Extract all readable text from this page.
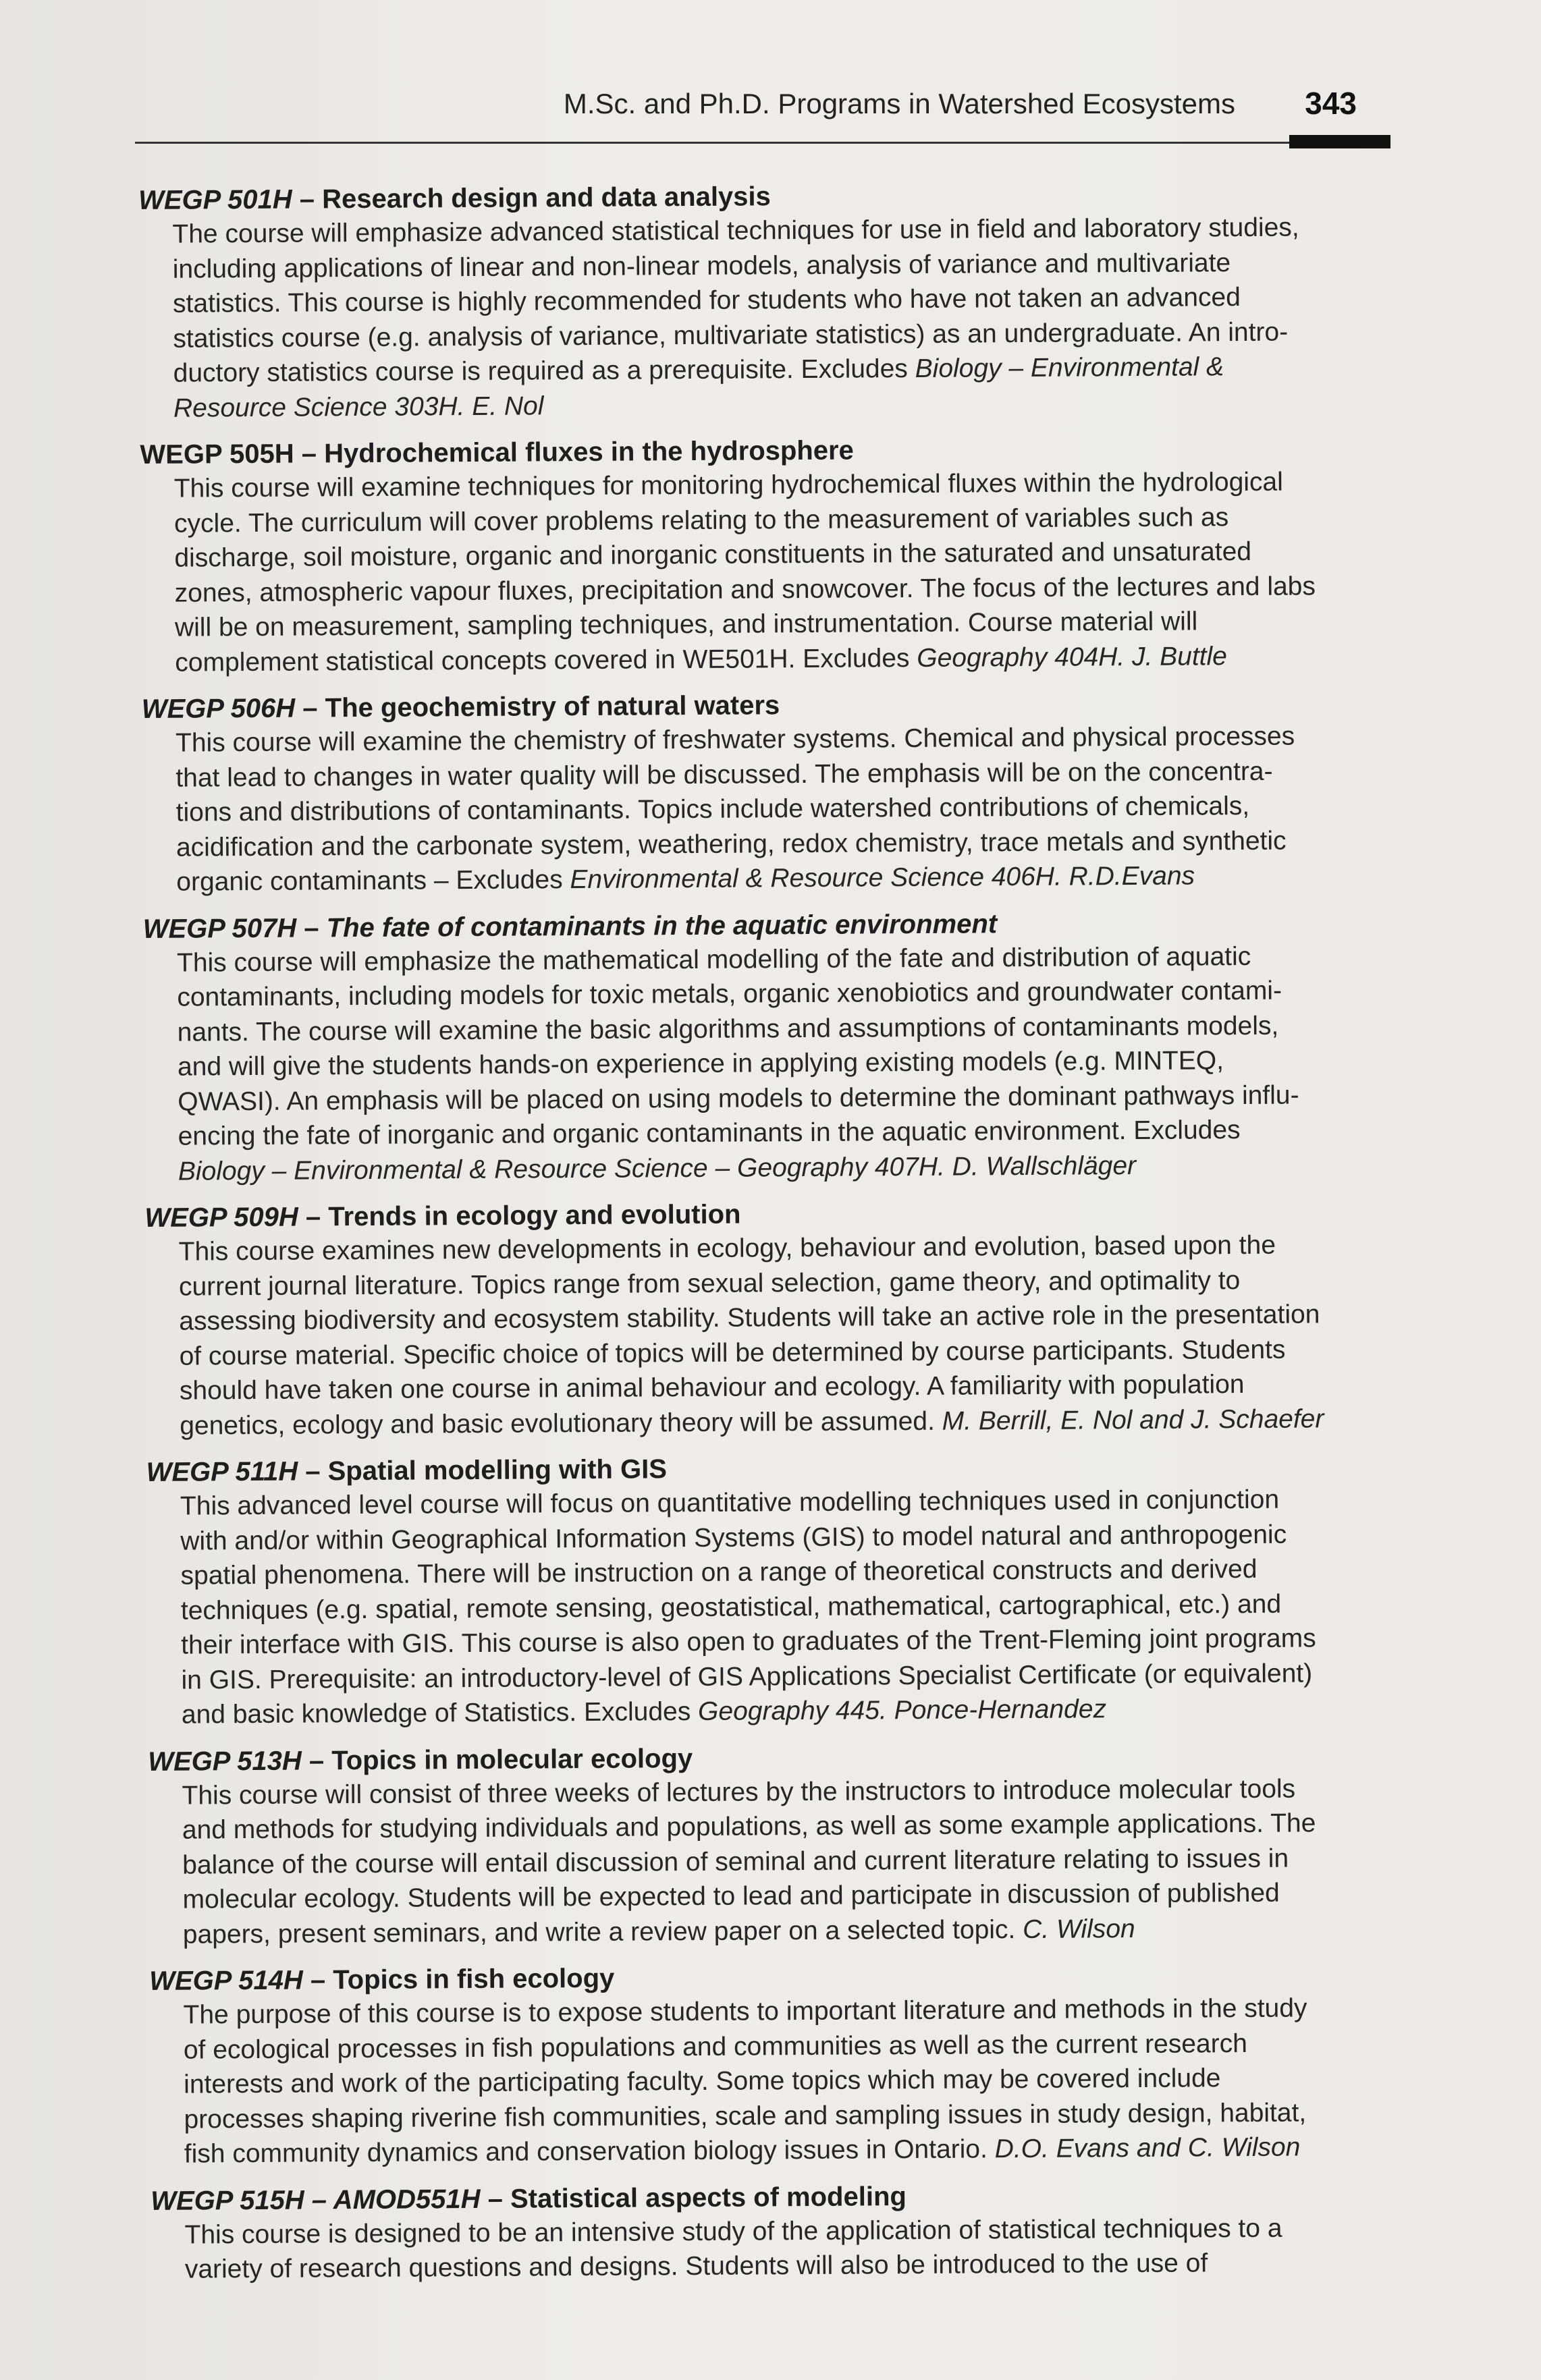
M.Sc. and Ph.D. Programs in Watershed Ecosystems 343
WEGP 501H – Research design and data analysis
The course will emphasize advanced statistical techniques for use in field and laboratory studies,
including applications of linear and non-linear models, analysis of variance and multivariate
statistics. This course is highly recommended for students who have not taken an advanced
statistics course (e.g. analysis of variance, multivariate statistics) as an undergraduate. An intro-
ductory statistics course is required as a prerequisite. Excludes Biology – Environmental &
Resource Science 303H. E. Nol
WEGP 505H – Hydrochemical fluxes in the hydrosphere
This course will examine techniques for monitoring hydrochemical fluxes within the hydrological
cycle. The curriculum will cover problems relating to the measurement of variables such as
discharge, soil moisture, organic and inorganic constituents in the saturated and unsaturated
zones, atmospheric vapour fluxes, precipitation and snowcover. The focus of the lectures and labs
will be on measurement, sampling techniques, and instrumentation. Course material will
complement statistical concepts covered in WE501H. Excludes Geography 404H. J. Buttle
WEGP 506H – The geochemistry of natural waters
This course will examine the chemistry of freshwater systems. Chemical and physical processes
that lead to changes in water quality will be discussed. The emphasis will be on the concentra-
tions and distributions of contaminants. Topics include watershed contributions of chemicals,
acidification and the carbonate system, weathering, redox chemistry, trace metals and synthetic
organic contaminants – Excludes Environmental & Resource Science 406H. R.D.Evans
WEGP 507H – The fate of contaminants in the aquatic environment
This course will emphasize the mathematical modelling of the fate and distribution of aquatic
contaminants, including models for toxic metals, organic xenobiotics and groundwater contami-
nants. The course will examine the basic algorithms and assumptions of contaminants models,
and will give the students hands-on experience in applying existing models (e.g. MINTEQ,
QWASI). An emphasis will be placed on using models to determine the dominant pathways influ-
encing the fate of inorganic and organic contaminants in the aquatic environment. Excludes
Biology – Environmental & Resource Science – Geography 407H. D. Wallschläger
WEGP 509H – Trends in ecology and evolution
This course examines new developments in ecology, behaviour and evolution, based upon the
current journal literature. Topics range from sexual selection, game theory, and optimality to
assessing biodiversity and ecosystem stability. Students will take an active role in the presentation
of course material. Specific choice of topics will be determined by course participants. Students
should have taken one course in animal behaviour and ecology. A familiarity with population
genetics, ecology and basic evolutionary theory will be assumed. M. Berrill, E. Nol and J. Schaefer
WEGP 511H – Spatial modelling with GIS
This advanced level course will focus on quantitative modelling techniques used in conjunction
with and/or within Geographical Information Systems (GIS) to model natural and anthropogenic
spatial phenomena. There will be instruction on a range of theoretical constructs and derived
techniques (e.g. spatial, remote sensing, geostatistical, mathematical, cartographical, etc.) and
their interface with GIS. This course is also open to graduates of the Trent-Fleming joint programs
in GIS. Prerequisite: an introductory-level of GIS Applications Specialist Certificate (or equivalent)
and basic knowledge of Statistics. Excludes Geography 445. Ponce-Hernandez
WEGP 513H – Topics in molecular ecology
This course will consist of three weeks of lectures by the instructors to introduce molecular tools
and methods for studying individuals and populations, as well as some example applications. The
balance of the course will entail discussion of seminal and current literature relating to issues in
molecular ecology. Students will be expected to lead and participate in discussion of published
papers, present seminars, and write a review paper on a selected topic. C. Wilson
WEGP 514H – Topics in fish ecology
The purpose of this course is to expose students to important literature and methods in the study
of ecological processes in fish populations and communities as well as the current research
interests and work of the participating faculty. Some topics which may be covered include
processes shaping riverine fish communities, scale and sampling issues in study design, habitat,
fish community dynamics and conservation biology issues in Ontario. D.O. Evans and C. Wilson
WEGP 515H – AMOD551H – Statistical aspects of modeling
This course is designed to be an intensive study of the application of statistical techniques to a
variety of research questions and designs. Students will also be introduced to the use of
